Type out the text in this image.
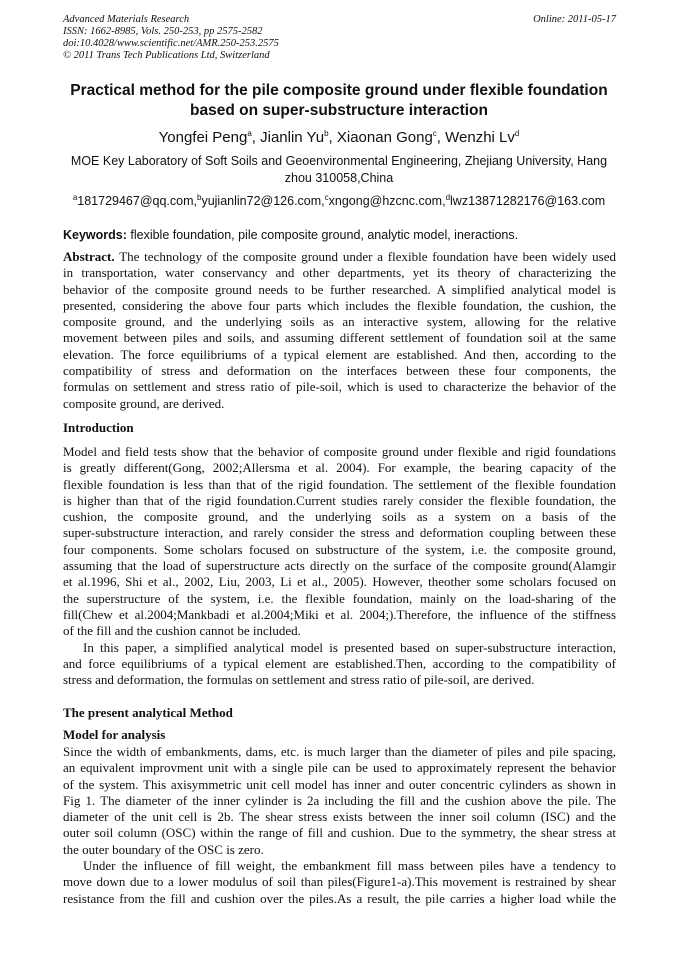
Advanced Materials Research
ISSN: 1662-8985, Vols. 250-253, pp 2575-2582
doi:10.4028/www.scientific.net/AMR.250-253.2575
© 2011 Trans Tech Publications Ltd, Switzerland
Online: 2011-05-17
Practical method for the pile composite ground under flexible foundation
based on super-substructure interaction
Yongfei Peng$^a$, Jianlin Yu$^b$, Xiaonan Gong$^c$, Wenzhi Lv$^d$
MOE Key Laboratory of Soft Soils and Geoenvironmental Engineering, Zhejiang University, Hang
zhou 310058,China
$^a$181729467@qq.com,$^b$yujianlin72@126.com,$^c$xngong@hzcnc.com,$^d$lwz13871282176@163.com
Keywords: flexible foundation, pile composite ground, analytic model, ineractions.
Abstract. The technology of the composite ground under a flexible foundation have been widely used
in transportation, water conservancy and other departments, yet its theory of characterizing the
behavior of the composite ground needs to be further researched. A simplified analytical model is
presented, considering the above four parts which includes the flexible foundation, the cushion, the
composite ground, and the underlying soils as an interactive system, allowing for the relative
movement between piles and soils, and assuming different settlement of foundation soil at the same
elevation. The force equilibriums of a typical element are established. And then, according to the
compatibility of stress and deformation on the interfaces between these four components, the
formulas on settlement and stress ratio of pile-soil, which is used to characterize the behavior of the
composite ground, are derived.
Introduction
Model and field tests show that the behavior of composite ground under flexible and rigid foundations
is greatly different(Gong, 2002;Allersma et al. 2004). For example, the bearing capacity of the
flexible foundation is less than that of the rigid foundation. The settlement of the flexible foundation
is higher than that of the rigid foundation.Current studies rarely consider the flexible foundation, the
cushion, the composite ground, and the underlying soils as a system on a basis of the
super-substructure interaction, and rarely consider the stress and deformation coupling between these
four components. Some scholars focused on substructure of the system, i.e. the composite ground,
assuming that the load of superstructure acts directly on the surface of the composite ground(Alamgir
et al.1996, Shi et al., 2002, Liu, 2003, Li et al., 2005). However, theother some scholars focused on
the superstructure of the system, i.e. the flexible foundation, mainly on the load-sharing of the
fill(Chew et al.2004;Mankbadi et al.2004;Miki et al. 2004;).Therefore, the influence of the stiffness
of the fill and the cushion cannot be included.
In this paper, a simplified analytical model is presented based on super-substructure interaction,
and force equilibriums of a typical element are established.Then, according to the compatibility of
stress and deformation, the formulas on settlement and stress ratio of pile-soil, are derived.
The present analytical Method
Model for analysis
Since the width of embankments, dams, etc. is much larger than the diameter of piles and pile spacing,
an equivalent improvment unit with a single pile can be used to approximately represent the behavior
of the system. This axisymmetric unit cell model has inner and outer concentric cylinders as shown in
Fig 1. The diameter of the inner cylinder is 2a including the fill and the cushion above the pile. The
diameter of the unit cell is 2b. The shear stress exists between the inner soil column (ISC) and the
outer soil column (OSC) within the range of fill and cushion. Due to the symmetry, the shear stress at
the outer boundary of the OSC is zero.
Under the influence of fill weight, the embankment fill mass between piles have a tendency to
move down due to a lower modulus of soil than piles(Figure1-a).This movement is restrained by shear
resistance from the fill and cushion over the piles.As a result, the pile carries a higher load while the
